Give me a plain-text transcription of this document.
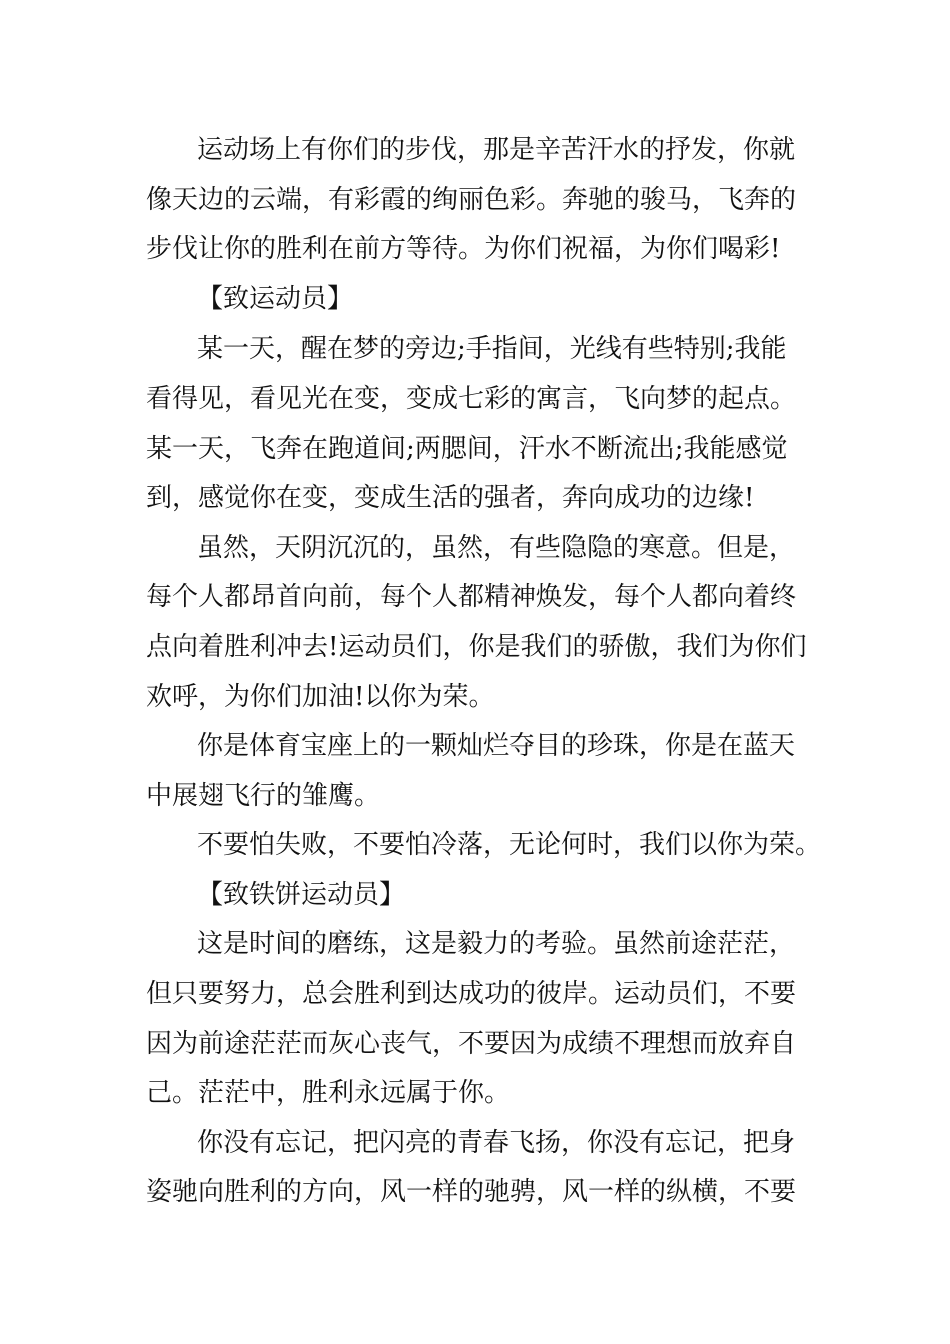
运动场上有你们的步伐，那是辛苦汗水的抒发，你就
像天边的云端，有彩霞的绚丽色彩。奔驰的骏马，飞奔的
步伐让你的胜利在前方等待。为你们祝福，为你们喝彩!
【致运动员】
某一天，醒在梦的旁边;手指间，光线有些特别;我能
看得见，看见光在变，变成七彩的寓言，飞向梦的起点。
某一天，飞奔在跑道间;两腮间，汗水不断流出;我能感觉
到，感觉你在变，变成生活的强者，奔向成功的边缘!
虽然，天阴沉沉的，虽然，有些隐隐的寒意。但是，
每个人都昂首向前，每个人都精神焕发，每个人都向着终
点向着胜利冲去!运动员们，你是我们的骄傲，我们为你们
欢呼，为你们加油!以你为荣。
你是体育宝座上的一颗灿烂夺目的珍珠，你是在蓝天
中展翅飞行的雏鹰。
不要怕失败，不要怕冷落，无论何时，我们以你为荣。
【致铁饼运动员】
这是时间的磨练，这是毅力的考验。虽然前途茫茫，
但只要努力，总会胜利到达成功的彼岸。运动员们，不要
因为前途茫茫而灰心丧气，不要因为成绩不理想而放弃自
己。茫茫中，胜利永远属于你。
你没有忘记，把闪亮的青春飞扬，你没有忘记，把身
姿驰向胜利的方向，风一样的驰骋，风一样的纵横，不要
